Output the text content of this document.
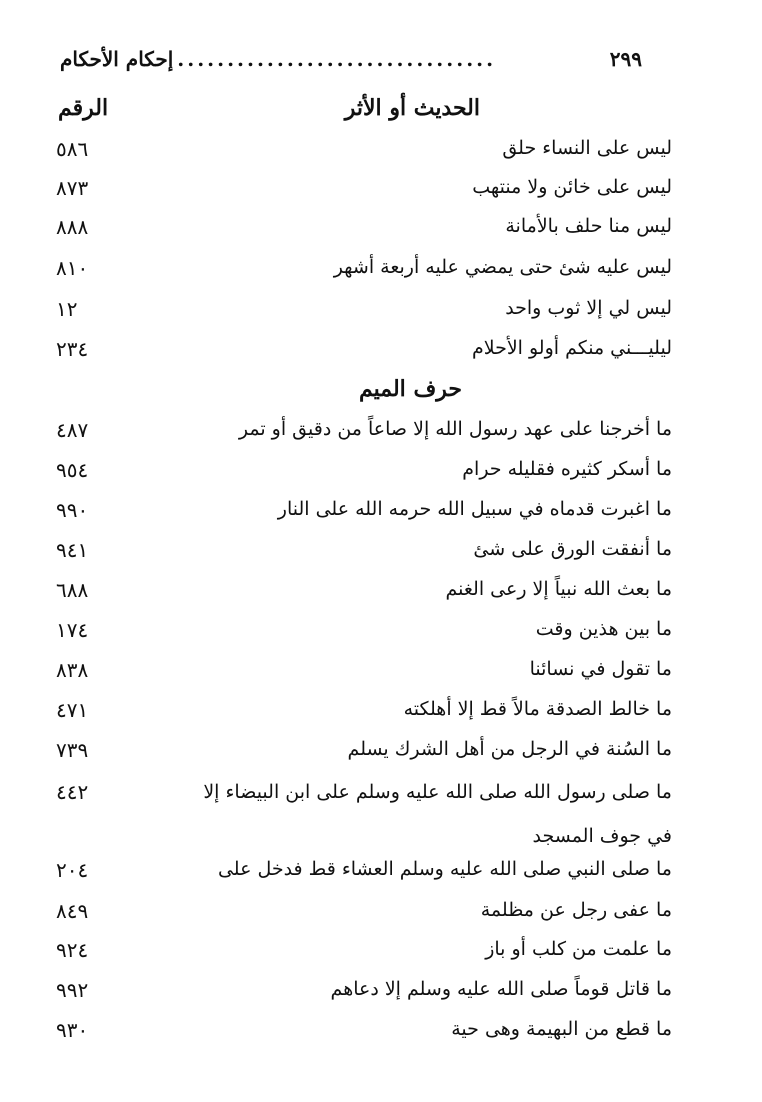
٢٩٩
................................
إحكام الأحكام
الحديث أو الأثر
الرقم
ليس على النساء حلق
٥٨٦
ليس على خائن ولا منتهب
٨٧٣
ليس منا حلف بالأمانة
٨٨٨
ليس عليه شئ حتى يمضي عليه أربعة أشهر
٨١٠
ليس لي إلا ثوب واحد
١٢
ليليـــني منكم أولو الأحلام
٢٣٤
حرف الميم
ما أخرجنا على عهد رسول الله إلا صاعاً من دقيق أو تمر
٤٨٧
ما أسكر كثيره فقليله حرام
٩٥٤
ما اغبرت قدماه في سبيل الله حرمه الله على النار
٩٩٠
ما أنفقت الورق على شئ
٩٤١
ما بعث الله نبياً إلا رعى الغنم
٦٨٨
ما بين هذين وقت
١٧٤
ما تقول في نسائنا
٨٣٨
ما خالط الصدقة مالاً قط إلا أهلكته
٤٧١
ما السُنة في الرجل من أهل الشرك يسلم
٧٣٩
ما صلى رسول الله صلى الله عليه وسلم على ابن البيضاء إلا في جوف المسجد
٤٤٢
ما صلى النبي صلى الله عليه وسلم العشاء قط فدخل على
٢٠٤
ما عفى رجل عن مظلمة
٨٤٩
ما علمت من كلب أو باز
٩٢٤
ما قاتل قوماً صلى الله عليه وسلم إلا دعاهم
٩٩٢
ما قطع من البهيمة وهى حية
٩٣٠
